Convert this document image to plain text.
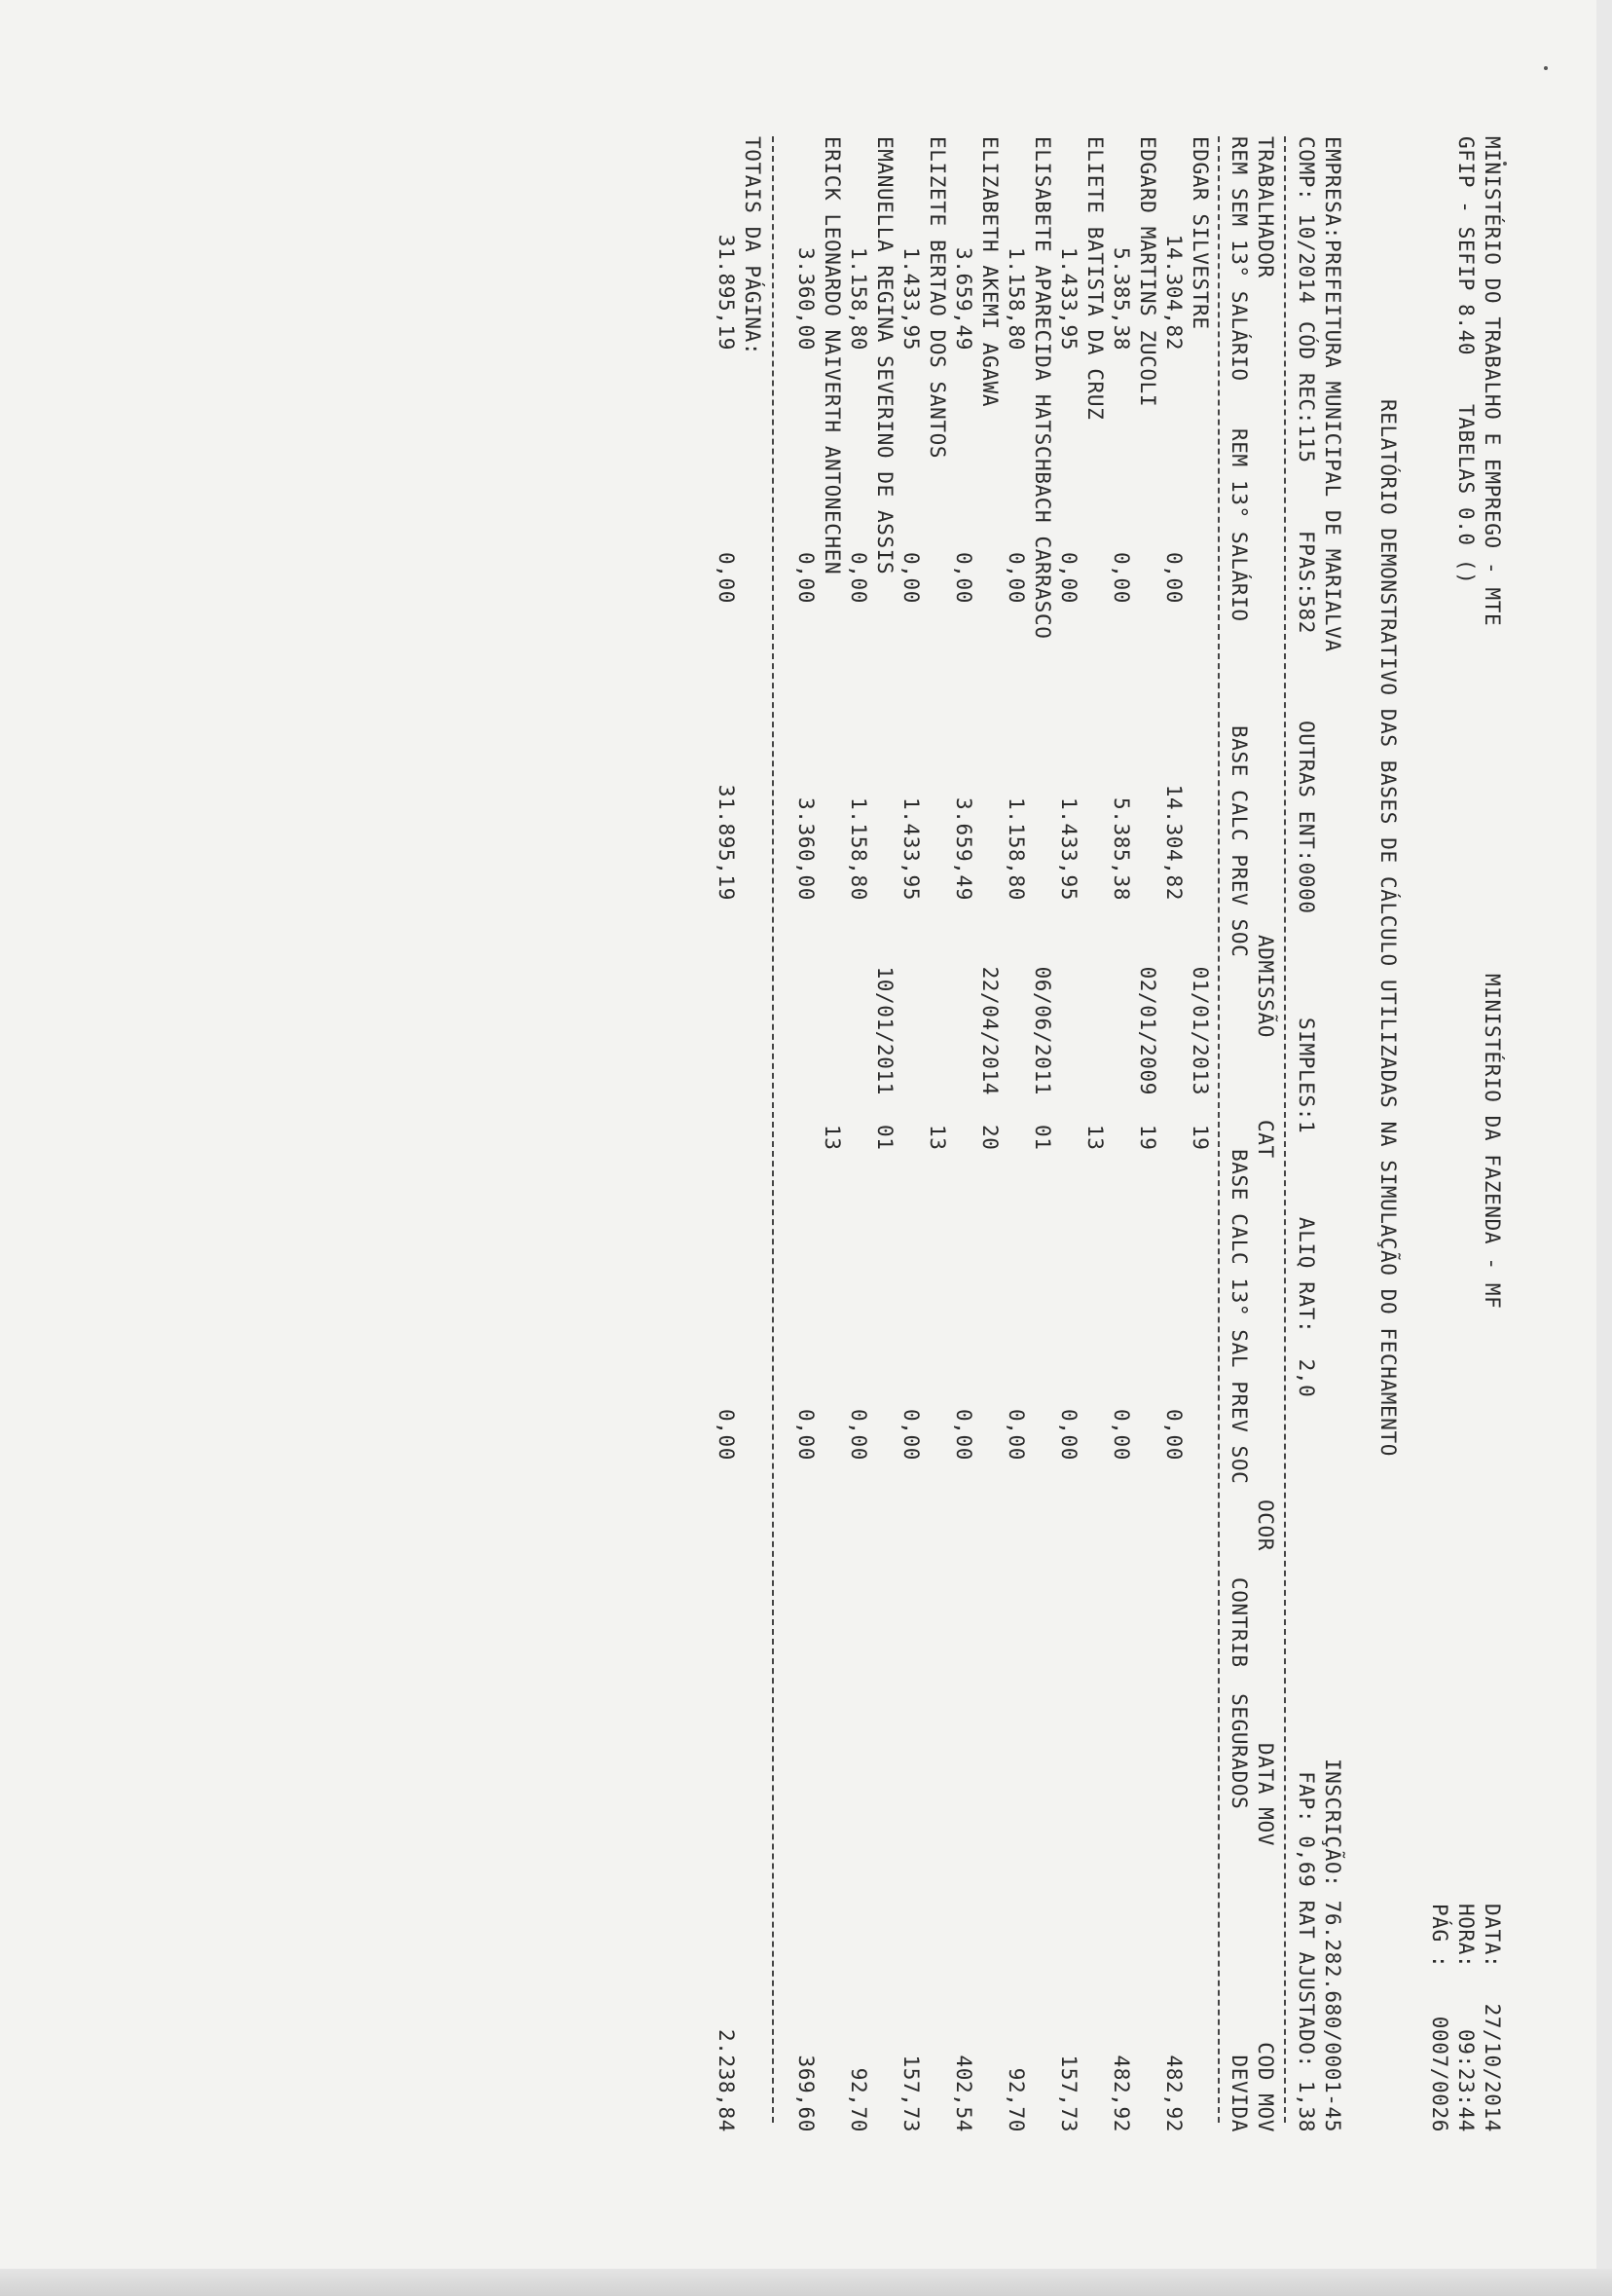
MINISTÉRIO DO TRABALHO E EMPREGO - MTE
MINISTÉRIO DA FAZENDA - MF
DATA:
27/10/2014
GFIP - SEFIP 8.40
TABELAS 0.0 ()
HORA:
09:23:44
PÁG :
0007/0026
RELATÓRIO DEMONSTRATIVO DAS BASES DE CÁLCULO UTILIZADAS NA SIMULAÇÃO DO FECHAMENTO
EMPRESA:PREFEITURA MUNICIPAL DE MARIALVA
INSCRIÇÃO: 76.282.680/0001-45
COMP: 10/2014
CÓD REC:115
FPAS:582
OUTRAS ENT:0000
SIMPLES:1
ALIQ RAT:  2,0
FAP: 0,69 RAT AJUSTADO: 1,38
TRABALHADOR
ADMISSÃO
CAT
OCOR
DATA MOV
COD MOV
REM SEM 13° SALÁRIO
REM 13° SALÁRIO
BASE CALC PREV SOC
BASE CALC 13° SAL PREV SOC
CONTRIB  SEGURADOS
DEVIDA
EDGAR SILVESTRE
01/01/2013
19
14.304,82
0,00
14.304,82
0,00
482,92
EDGARD MARTINS ZUCOLI
02/01/2009
19
5.385,38
0,00
5.385,38
0,00
482,92
ELIETE BATISTA DA CRUZ
13
1.433,95
0,00
1.433,95
0,00
157,73
ELISABETE APARECIDA HATSCHBACH CARRASCO
06/06/2011
01
1.158,80
0,00
1.158,80
0,00
92,70
ELIZABETH AKEMI AGAWA
22/04/2014
20
3.659,49
0,00
3.659,49
0,00
402,54
ELIZETE BERTAO DOS SANTOS
13
1.433,95
0,00
1.433,95
0,00
157,73
EMANUELLA REGINA SEVERINO DE ASSIS
10/01/2011
01
1.158,80
0,00
1.158,80
0,00
92,70
ERICK LEONARDO NAIVERTH ANTONECHEN
13
3.360,00
0,00
3.360,00
0,00
369,60
TOTAIS DA PÁGINA:
31.895,19
0,00
31.895,19
0,00
2.238,84
